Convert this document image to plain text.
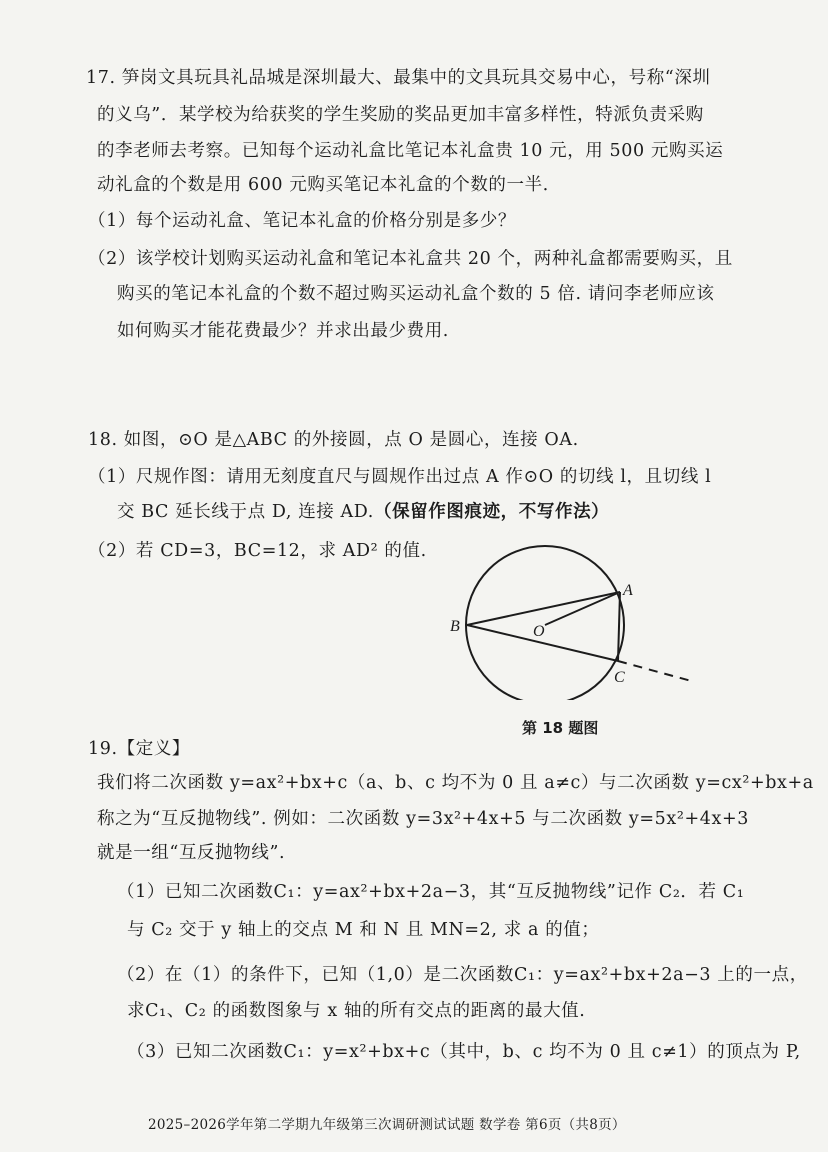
17. 笋岗文具玩具礼品城是深圳最大、最集中的文具玩具交易中心，号称“深圳
的义乌”．某学校为给获奖的学生奖励的奖品更加丰富多样性，特派负责采购
的李老师去考察。已知每个运动礼盒比笔记本礼盒贵 10 元，用 500 元购买运
动礼盒的个数是用 600 元购买笔记本礼盒的个数的一半．
（1）每个运动礼盒、笔记本礼盒的价格分别是多少？
（2）该学校计划购买运动礼盒和笔记本礼盒共 20 个，两种礼盒都需要购买，且
购买的笔记本礼盒的个数不超过购买运动礼盒个数的 5 倍. 请问李老师应该
如何购买才能花费最少？并求出最少费用.
18. 如图，⊙O 是△ABC 的外接圆，点 O 是圆心，连接 OA.
（1）尺规作图：请用无刻度直尺与圆规作出过点 A 作⊙O 的切线 l，且切线 l
交 BC 延长线于点 D, 连接 AD.（保留作图痕迹，不写作法）
（2）若 CD=3，BC=12，求 AD² 的值.
B
A
O
C
第 18 题图
19.【定义】
我们将二次函数 y=ax²+bx+c（a、b、c 均不为 0 且 a≠c）与二次函数 y=cx²+bx+a
称之为“互反抛物线”. 例如：二次函数 y=3x²+4x+5 与二次函数 y=5x²+4x+3
就是一组“互反抛物线”.
（1）已知二次函数C₁：y=ax²+bx+2a−3，其“互反抛物线”记作 C₂．若 C₁
与 C₂ 交于 y 轴上的交点 M 和 N 且 MN=2, 求 a 的值；
（2）在（1）的条件下，已知（1,0）是二次函数C₁：y=ax²+bx+2a−3 上的一点，
求C₁、C₂ 的函数图象与 x 轴的所有交点的距离的最大值.
（3）已知二次函数C₁：y=x²+bx+c（其中，b、c 均不为 0 且 c≠1）的顶点为 P,
2025–2026学年第二学期九年级第三次调研测试试题 数学卷 第6页（共8页）
